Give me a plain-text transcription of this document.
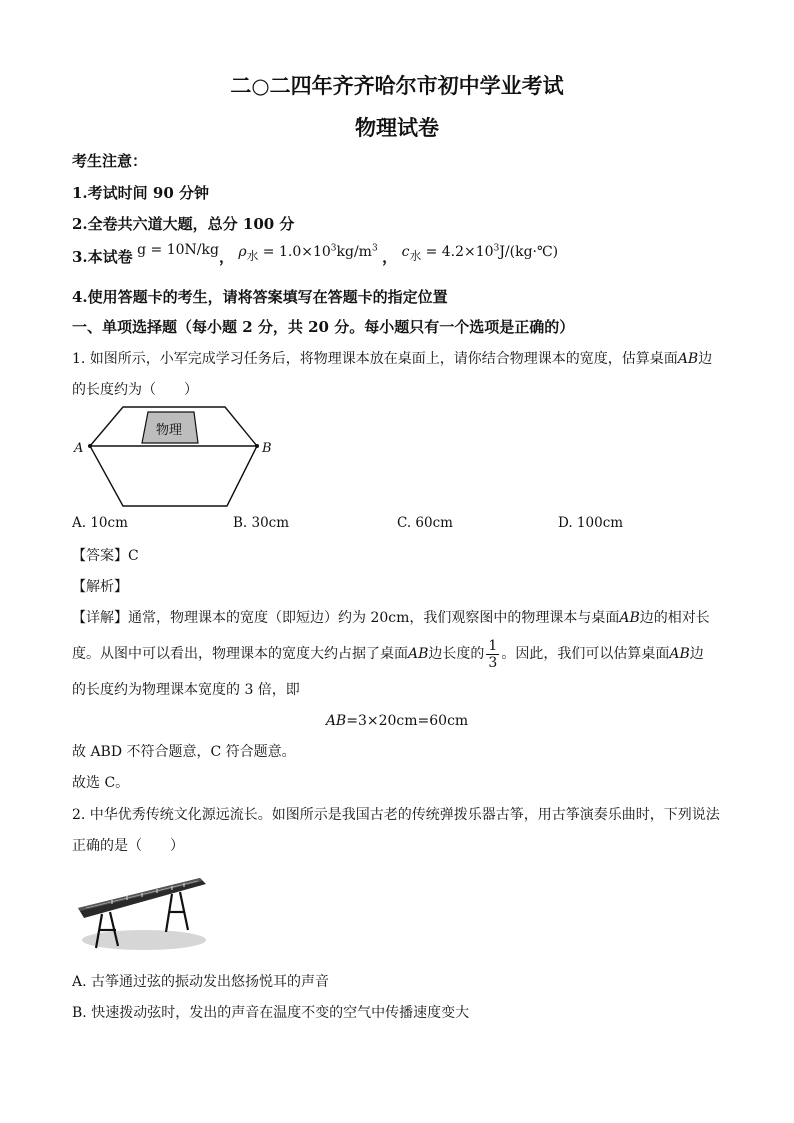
二○二四年齐齐哈尔市初中学业考试
物理试卷
考生注意：
1.考试时间 90 分钟
2.全卷共六道大题，总分 100 分
3.本试卷 g = 10N/kg， $\rho_水 = 1.0\times 10^3kg/m^3$ ， $c_水$ = $4.2\times 10^3J/(kg\cdot℃)$
4.使用答题卡的考生，请将答案填写在答题卡的指定位置
一、单项选择题（每小题 2 分，共 20 分。每小题只有一个选项是正确的）
1. 如图所示，小军完成学习任务后，将物理课本放在桌面上，请你结合物理课本的宽度，估算桌面AB边
的长度约为（　　）
物理
A	B
A. 10cm	B. 30cm	C. 60cm	D. 100cm
【答案】C
【解析】
【详解】通常，物理课本的宽度（即短边）约为 20cm，我们观察图中的物理课本与桌面AB边的相对长
度。从图中可以看出，物理课本的宽度大约占据了桌面AB边长度的 $\frac{1}{3}$ 。因此，我们可以估算桌面AB边
的长度约为物理课本宽度的 3 倍，即
AB=3×20cm=60cm
故 ABD 不符合题意，C 符合题意。
故选 C。
2. 中华优秀传统文化源远流长。如图所示是我国古老的传统弹拨乐器古筝，用古筝演奏乐曲时，下列说法
正确的是（　　）
A. 古筝通过弦的振动发出悠扬悦耳的声音
B. 快速拨动弦时，发出的声音在温度不变的空气中传播速度变大
